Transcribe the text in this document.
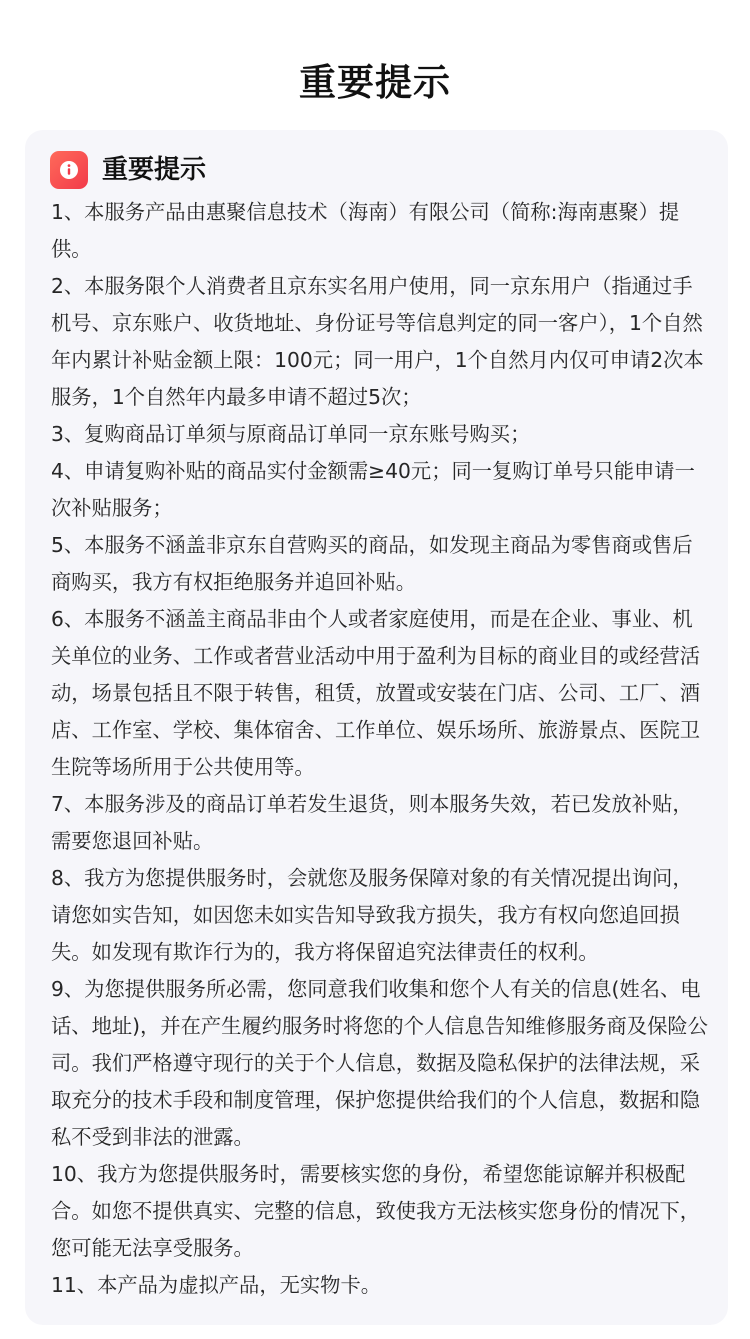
重要提示
重要提示
1、本服务产品由惠聚信息技术（海南）有限公司（简称:海南惠聚）提供。
2、本服务限个人消费者且京东实名用户使用，同一京东用户（指通过手机号、京东账户、收货地址、身份证号等信息判定的同一客户），1个自然年内累计补贴金额上限：100元；同一用户，1个自然月内仅可申请2次本服务，1个自然年内最多申请不超过5次；
3、复购商品订单须与原商品订单同一京东账号购买；
4、申请复购补贴的商品实付金额需≥40元；同一复购订单号只能申请一次补贴服务；
5、本服务不涵盖非京东自营购买的商品，如发现主商品为零售商或售后商购买，我方有权拒绝服务并追回补贴。
6、本服务不涵盖主商品非由个人或者家庭使用，而是在企业、事业、机关单位的业务、工作或者营业活动中用于盈利为目标的商业目的或经营活动，场景包括且不限于转售，租赁，放置或安装在门店、公司、工厂、酒店、工作室、学校、集体宿舍、工作单位、娱乐场所、旅游景点、医院卫生院等场所用于公共使用等。
7、本服务涉及的商品订单若发生退货，则本服务失效，若已发放补贴，需要您退回补贴。
8、我方为您提供服务时，会就您及服务保障对象的有关情况提出询问，请您如实告知，如因您未如实告知导致我方损失，我方有权向您追回损失。如发现有欺诈行为的，我方将保留追究法律责任的权利。
9、为您提供服务所必需，您同意我们收集和您个人有关的信息(姓名、电话、地址)，并在产生履约服务时将您的个人信息告知维修服务商及保险公司。我们严格遵守现行的关于个人信息，数据及隐私保护的法律法规，采取充分的技术手段和制度管理，保护您提供给我们的个人信息，数据和隐私不受到非法的泄露。
10、我方为您提供服务时，需要核实您的身份，希望您能谅解并积极配合。如您不提供真实、完整的信息，致使我方无法核实您身份的情况下，您可能无法享受服务。
11、本产品为虚拟产品，无实物卡。
